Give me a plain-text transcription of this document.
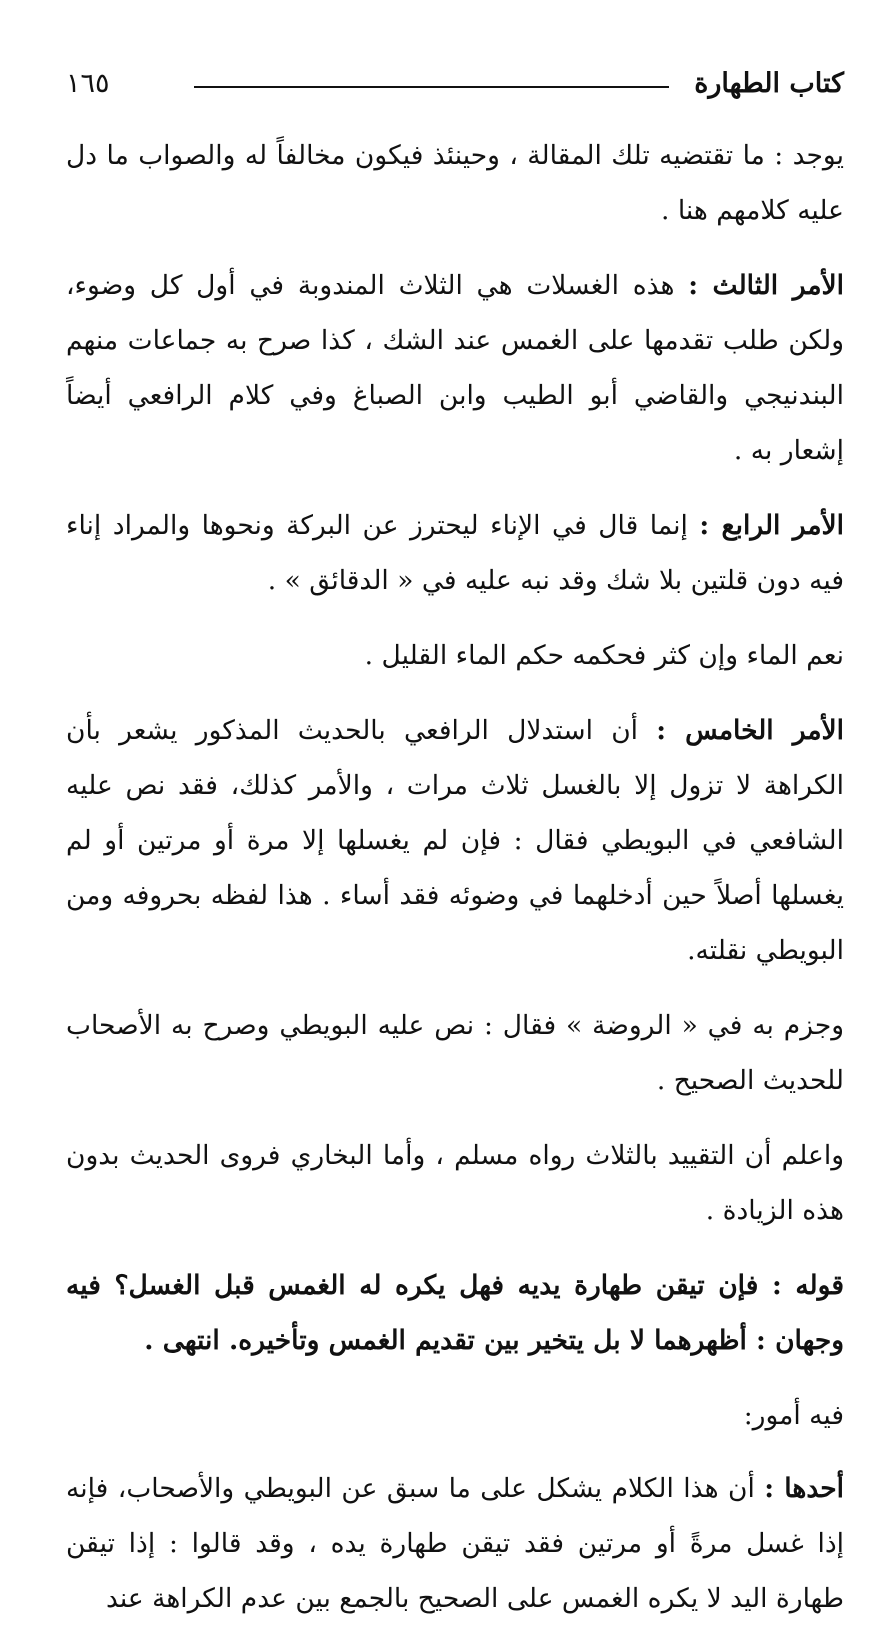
كتاب الطهارة
١٦٥

يوجد : ما تقتضيه تلك المقالة ، وحينئذ فيكون مخالفاً له والصواب ما دل عليه كلامهم هنا .

الأمر الثالث : هذه الغسلات هي الثلاث المندوبة في أول كل وضوء، ولكن طلب تقدمها على الغمس عند الشك ، كذا صرح به جماعات منهم البندنيجي والقاضي أبو الطيب وابن الصباغ وفي كلام الرافعي أيضاً إشعار به .

الأمر الرابع : إنما قال في الإناء ليحترز عن البركة ونحوها والمراد إناء فيه دون قلتين بلا شك وقد نبه عليه في « الدقائق » .

نعم الماء وإن كثر فحكمه حكم الماء القليل .

الأمر الخامس : أن استدلال الرافعي بالحديث المذكور يشعر بأن الكراهة لا تزول إلا بالغسل ثلاث مرات ، والأمر كذلك، فقد نص عليه الشافعي في البويطي فقال : فإن لم يغسلها إلا مرة أو مرتين أو لم يغسلها أصلاً حين أدخلهما في وضوئه فقد أساء . هذا لفظه بحروفه ومن البويطي نقلته.

وجزم به في « الروضة » فقال : نص عليه البويطي وصرح به الأصحاب للحديث الصحيح .

واعلم أن التقييد بالثلاث رواه مسلم ، وأما البخاري فروى الحديث بدون هذه الزيادة .

قوله : فإن تيقن طهارة يديه فهل يكره له الغمس قبل الغسل؟ فيه وجهان : أظهرهما لا بل يتخير بين تقديم الغمس وتأخيره. انتهى .

فيه أمور:

أحدها : أن هذا الكلام يشكل على ما سبق عن البويطي والأصحاب، فإنه إذا غسل مرةً أو مرتين فقد تيقن طهارة يده ، وقد قالوا : إذا تيقن طهارة اليد لا يكره الغمس على الصحيح بالجمع بين عدم الكراهة عند
